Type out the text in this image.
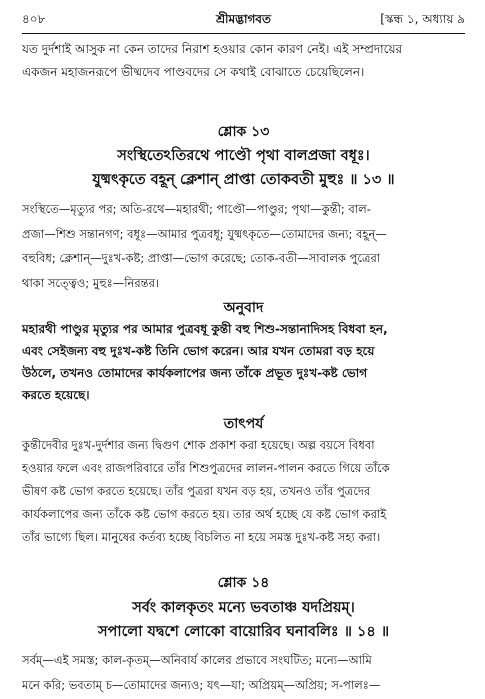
৪০৮	শ্রীমদ্ভাগবত	[স্কন্ধ ১, অধ্যায় ৯
যত দুর্দশাই আসুক না কেন তাদের নিরাশ হওয়ার কোন কারণ নেই। এই সম্প্রদায়ের
একজন মহাজনরূপে ভীষ্মদেব পাণ্ডবদের সে কথাই বোঝাতে চেয়েছিলেন।
শ্লোক ১৩
সংস্থিতেঽতিরথে পাণ্ডৌ পৃথা বালপ্রজা বধূঃ।
যুষ্মৎকৃতে বহূন্ ক্লেশান্ প্রাপ্তা তোকবতী মুহুঃ ॥ ১৩ ॥
সংস্থিতে—মৃত্যুর পর; অতি-রথে—মহারথী; পাণ্ডৌ—পাণ্ডুর; পৃথা—কুন্তী; বাল-
প্রজা—শিশু সন্তানগণ; বধূঃ—আমার পুত্রবধূ; যুষ্মৎকৃতে—তোমাদের জন্য; বহূন্—
বহুবিধ; ক্লেশান্—দুঃখ-কষ্ট; প্রাপ্তা—ভোগ করেছে; তোক-বতী—সাবালক পুত্রেরা
থাকা সত্ত্বেও; মুহুঃ—নিরন্তর।
অনুবাদ
মহারথী পাণ্ডুর মৃত্যুর পর আমার পুত্রবধূ কুন্তী বহু শিশু-সন্তানাদিসহ বিধবা হন,
এবং সেইজন্য বহু দুঃখ-কষ্ট তিনি ভোগ করেন। আর যখন তোমরা বড় হয়ে
উঠলে, তখনও তোমাদের কার্যকলাপের জন্য তাঁকে প্রভূত দুঃখ-কষ্ট ভোগ
করতে হয়েছে।
তাৎপর্য
কুন্তীদেবীর দুঃখ-দুর্দশার জন্য দ্বিগুণ শোক প্রকাশ করা হয়েছে। অল্প বয়সে বিধবা
হওয়ার ফলে এবং রাজপরিবারে তাঁর শিশুপুত্রদের লালন-পালন করতে গিয়ে তাঁকে
ভীষণ কষ্ট ভোগ করতে হয়েছে। তাঁর পুত্ররা যখন বড় হয়, তখনও তাঁর পুত্রদের
কার্যকলাপের জন্য তাঁকে কষ্ট ভোগ করতে হয়। তার অর্থ হচ্ছে যে কষ্ট ভোগ করাই
তাঁর ভাগ্যে ছিল। মানুষের কর্তব্য হচ্ছে বিচলিত না হয়ে সমস্ত দুঃখ-কষ্ট সহ্য করা।
শ্লোক ১৪
সর্বং কালকৃতং মন্যে ভবতাঞ্চ যদপ্রিয়ম্।
সপালো যদ্বশে লোকো বায়োরিব ঘনাবলিঃ ॥ ১৪ ॥
সর্বম্—এই সমস্ত; কাল-কৃতম্—অনিবার্য কালের প্রভাবে সংঘটিত; মন্যে—আমি
মনে করি; ভবতাম্ চ—তোমাদের জন্যও; যৎ—যা; অপ্রিয়ম্—অপ্রিয়; স-পালঃ—
